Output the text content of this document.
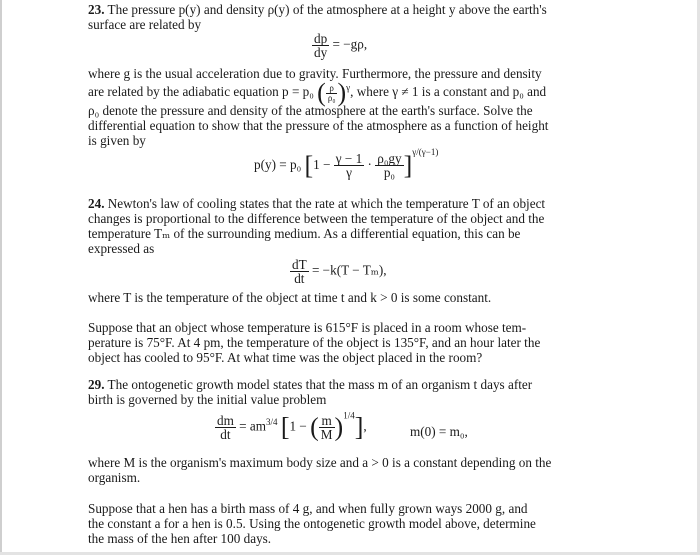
23. The pressure p(y) and density ρ(y) of the atmosphere at a height y above the earth's
surface are related by
$\frac{dp}{dy} = -g\rho$,
where g is the usual acceleration due to gravity. Furthermore, the pressure and density
are related by the adiabatic equation p = p₀ ( $\frac{\rho}{\text{ρ₀}} )^\gamma$, where γ ≠ 1 is a constant and p₀ and
ρ₀ denote the pressure and density of the atmosphere at the earth's surface. Solve the
differential equation to show that the pressure of the atmosphere as a function of height
is given by
p(y) = p₀ $[1 - \frac{\gamma - 1}{\gamma} \cdot \frac{\text{ρ₀gy}}{\text{p₀}} ]^{\gamma/(\gamma-1)}$
24. Newton's law of cooling states that the rate at which the temperature T of an object
changes is proportional to the difference between the temperature of the object and the
temperature Tₘ of the surrounding medium. As a differential equation, this can be
expressed as
$\frac{dT}{dt} = -k(T - T_m)$,
where T is the temperature of the object at time t and k > 0 is some constant.
Suppose that an object whose temperature is 615°F is placed in a room whose tem-
perature is 75°F. At 4 pm, the temperature of the object is 135°F, and an hour later the
object has cooled to 95°F. At what time was the object placed in the room?
29. The ontogenetic growth model states that the mass m of an organism t days after
birth is governed by the initial value problem
$\frac{dm}{dt} = am^{3/4}$ [1 − ( $\frac{m}{M} )^{1/4}$],	m(0) = m₀,
where M is the organism's maximum body size and a > 0 is a constant depending on the
organism.
Suppose that a hen has a birth mass of 4 g, and when fully grown ways 2000 g, and
the constant a for a hen is 0.5. Using the ontogenetic growth model above, determine
the mass of the hen after 100 days.
